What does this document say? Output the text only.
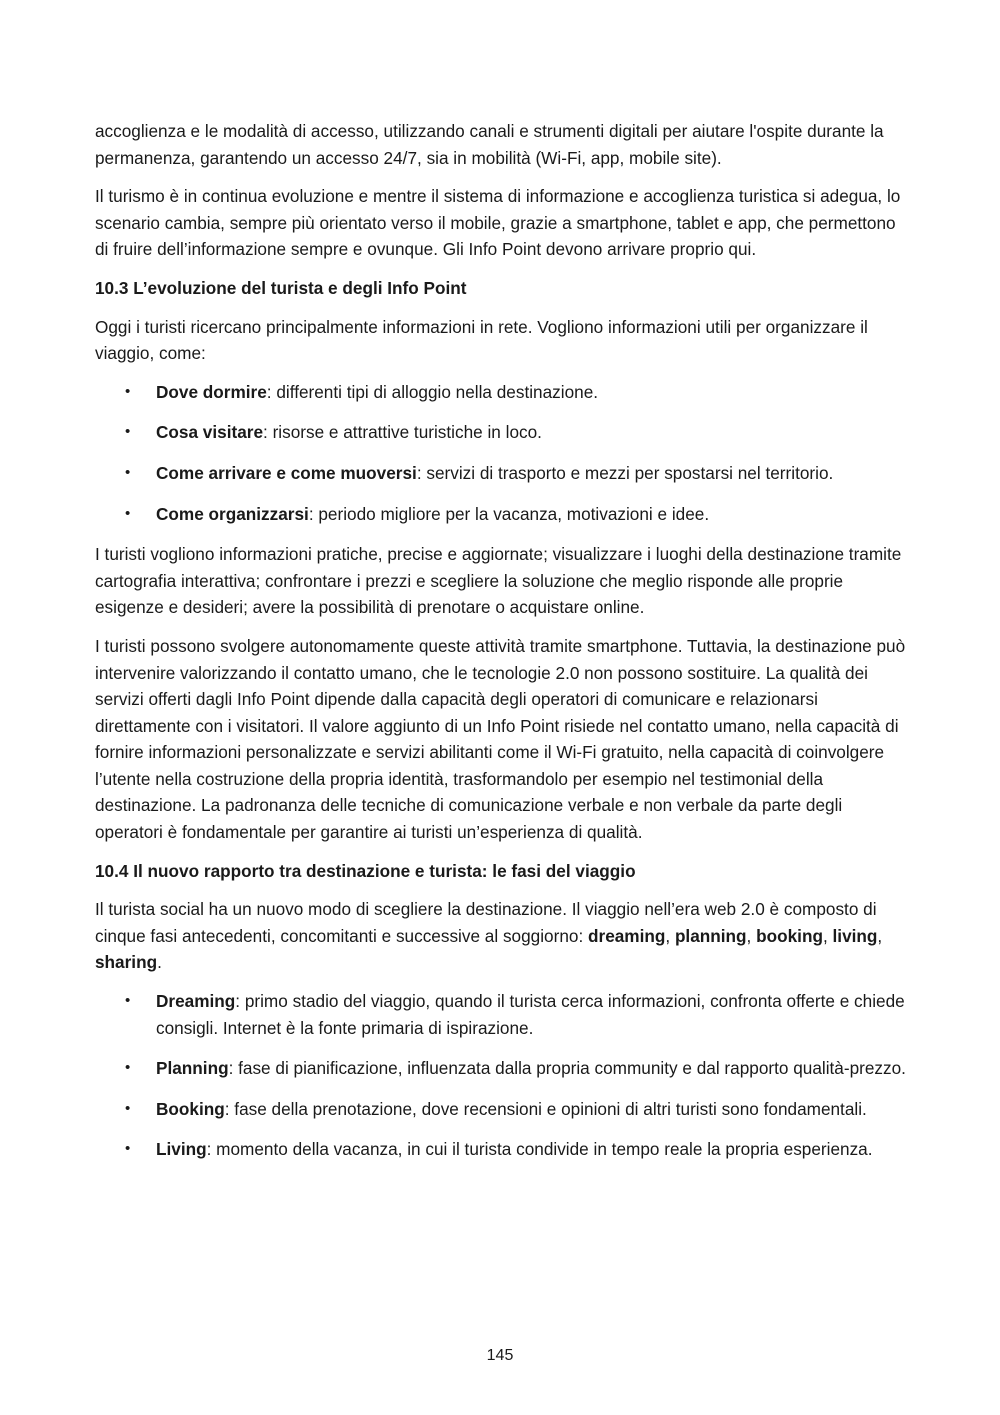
accoglienza e le modalità di accesso, utilizzando canali e strumenti digitali per aiutare l'ospite durante la permanenza, garantendo un accesso 24/7, sia in mobilità (Wi-Fi, app, mobile site).

Il turismo è in continua evoluzione e mentre il sistema di informazione e accoglienza turistica si adegua, lo scenario cambia, sempre più orientato verso il mobile, grazie a smartphone, tablet e app, che permettono di fruire dell’informazione sempre e ovunque. Gli Info Point devono arrivare proprio qui.

10.3 L’evoluzione del turista e degli Info Point

Oggi i turisti ricercano principalmente informazioni in rete. Vogliono informazioni utili per organizzare il viaggio, come:

• Dove dormire: differenti tipi di alloggio nella destinazione.
• Cosa visitare: risorse e attrattive turistiche in loco.
• Come arrivare e come muoversi: servizi di trasporto e mezzi per spostarsi nel territorio.
• Come organizzarsi: periodo migliore per la vacanza, motivazioni e idee.

I turisti vogliono informazioni pratiche, precise e aggiornate; visualizzare i luoghi della destinazione tramite cartografia interattiva; confrontare i prezzi e scegliere la soluzione che meglio risponde alle proprie esigenze e desideri; avere la possibilità di prenotare o acquistare online.

I turisti possono svolgere autonomamente queste attività tramite smartphone. Tuttavia, la destinazione può intervenire valorizzando il contatto umano, che le tecnologie 2.0 non possono sostituire. La qualità dei servizi offerti dagli Info Point dipende dalla capacità degli operatori di comunicare e relazionarsi direttamente con i visitatori. Il valore aggiunto di un Info Point risiede nel contatto umano, nella capacità di fornire informazioni personalizzate e servizi abilitanti come il Wi-Fi gratuito, nella capacità di coinvolgere l’utente nella costruzione della propria identità, trasformandolo per esempio nel testimonial della destinazione. La padronanza delle tecniche di comunicazione verbale e non verbale da parte degli operatori è fondamentale per garantire ai turisti un’esperienza di qualità.

10.4 Il nuovo rapporto tra destinazione e turista: le fasi del viaggio

Il turista social ha un nuovo modo di scegliere la destinazione. Il viaggio nell’era web 2.0 è composto di cinque fasi antecedenti, concomitanti e successive al soggiorno: dreaming, planning, booking, living, sharing.

• Dreaming: primo stadio del viaggio, quando il turista cerca informazioni, confronta offerte e chiede consigli. Internet è la fonte primaria di ispirazione.
• Planning: fase di pianificazione, influenzata dalla propria community e dal rapporto qualità-prezzo.
• Booking: fase della prenotazione, dove recensioni e opinioni di altri turisti sono fondamentali.
• Living: momento della vacanza, in cui il turista condivide in tempo reale la propria esperienza.
145
